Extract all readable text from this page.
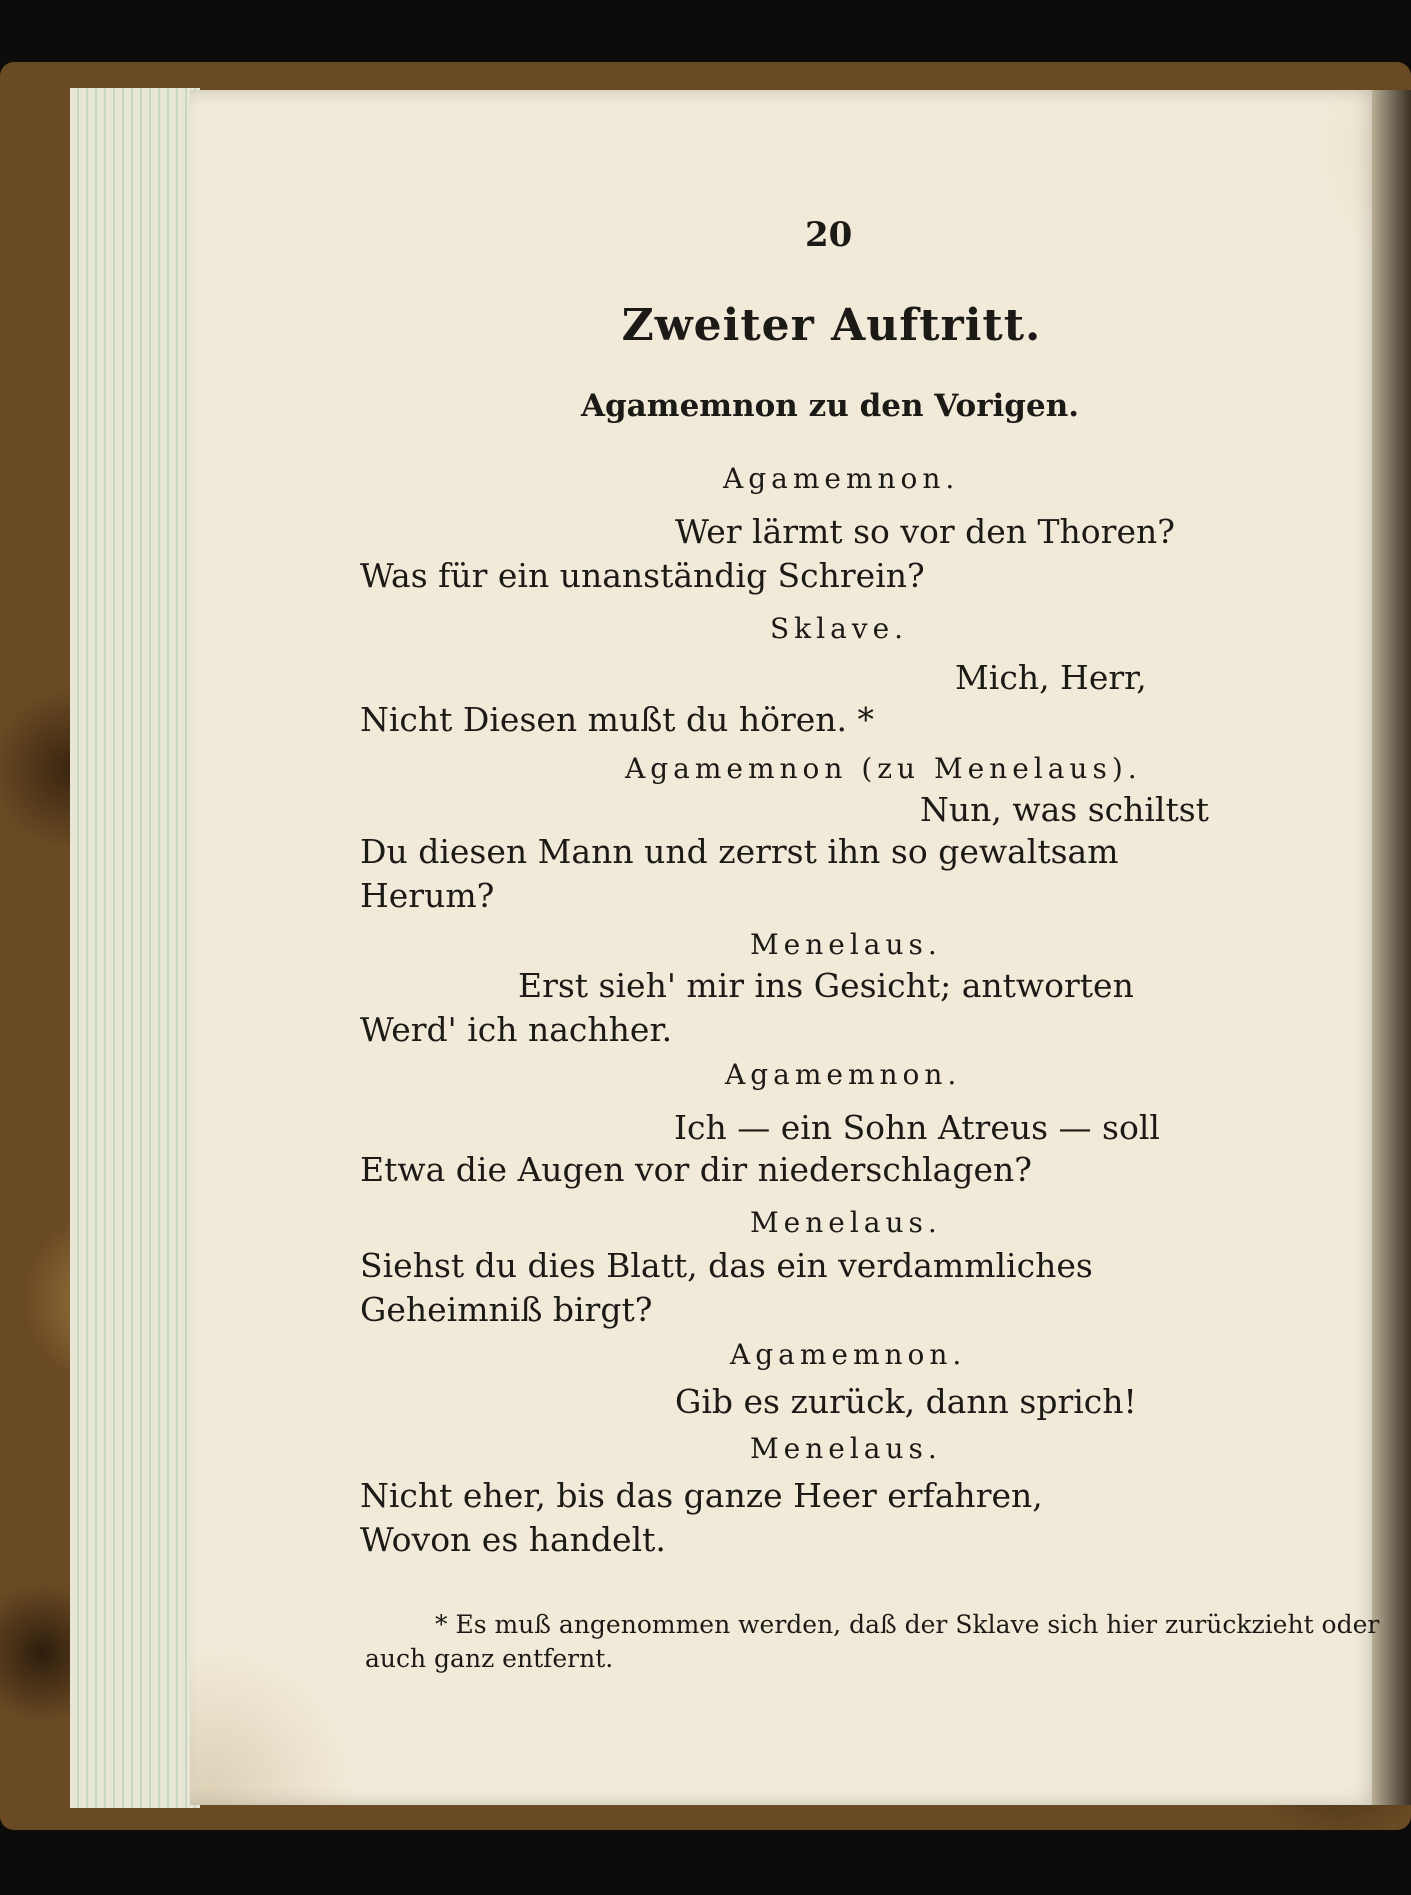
20
Zweiter Auftritt.
Agamemnon zu den Vorigen.
Agamemnon.
Wer lärmt so vor den Thoren?
Was für ein unanständig Schrein?
Sklave.
Mich, Herr,
Nicht Diesen mußt du hören. *
Agamemnon (zu Menelaus).
Nun, was schiltst
Du diesen Mann und zerrst ihn so gewaltsam
Herum?
Menelaus.
Erst sieh' mir ins Gesicht; antworten
Werd' ich nachher.
Agamemnon.
Ich — ein Sohn Atreus — soll
Etwa die Augen vor dir niederschlagen?
Menelaus.
Siehst du dies Blatt, das ein verdammliches
Geheimniß birgt?
Agamemnon.
Gib es zurück, dann sprich!
Menelaus.
Nicht eher, bis das ganze Heer erfahren,
Wovon es handelt.
* Es muß angenommen werden, daß der Sklave sich hier zurückzieht oder
auch ganz entfernt.
